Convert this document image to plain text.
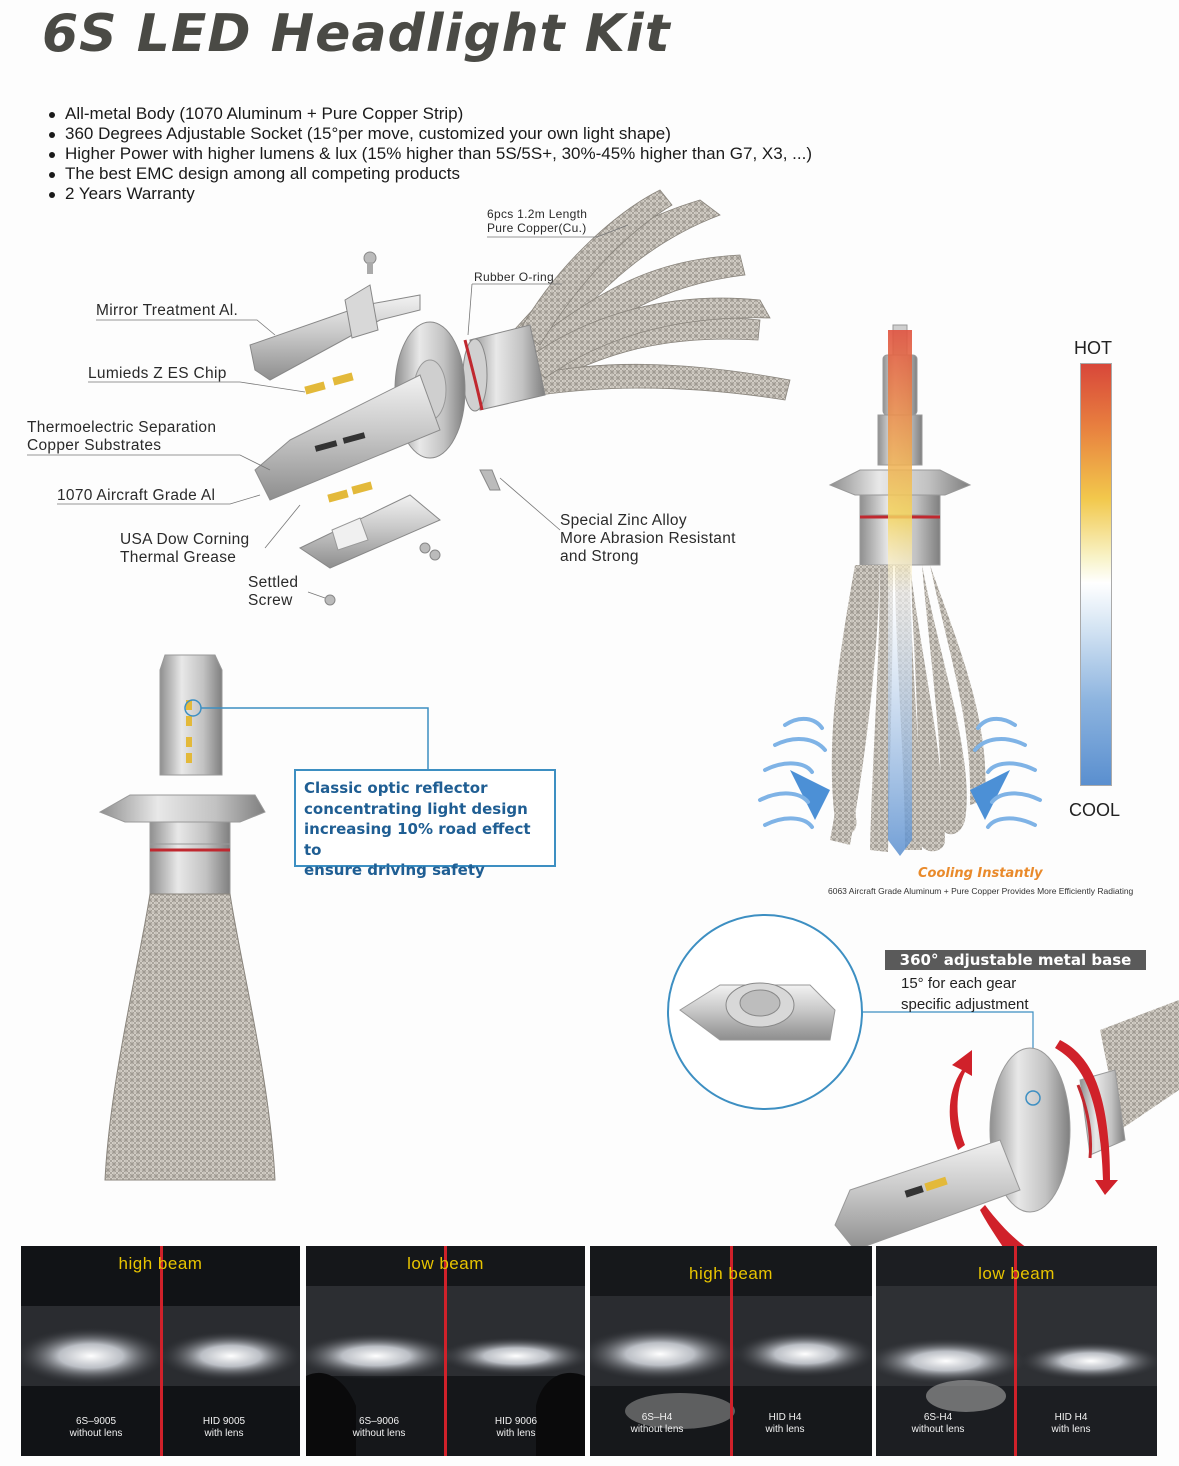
6S LED Headlight Kit
All-metal Body (1070 Aluminum + Pure Copper Strip)
360 Degrees Adjustable Socket (15°per move, customized your own light shape)
Higher Power with higher lumens & lux (15% higher than 5S/5S+, 30%-45% higher than G7, X3, ...)
The best EMC design among all competing products
2 Years Warranty
6pcs 1.2m Length
Pure Copper(Cu.)
Rubber O-ring
Mirror Treatment Al.
Lumieds Z ES Chip
Thermoelectric Separation
Copper Substrates
1070 Aircraft Grade Al
USA Dow Corning
Thermal Grease
Settled
Screw
Special Zinc Alloy
More Abrasion Resistant
and Strong
Classic optic reflector
concentrating light design
increasing 10% road effect to
ensure driving safety
HOT
COOL
Cooling Instantly
6063 Aircraft Grade Aluminum + Pure Copper Provides More Efficiently Radiating
360° adjustable metal base
15° for each gear
specific adjustment
high beam
6S–9005
without lens
HID 9005
with lens
low beam
6S–9006
without lens
HID 9006
with lens
high beam
6S–H4
without lens
HID H4
with lens
low beam
6S-H4
without lens
HID H4
with lens
